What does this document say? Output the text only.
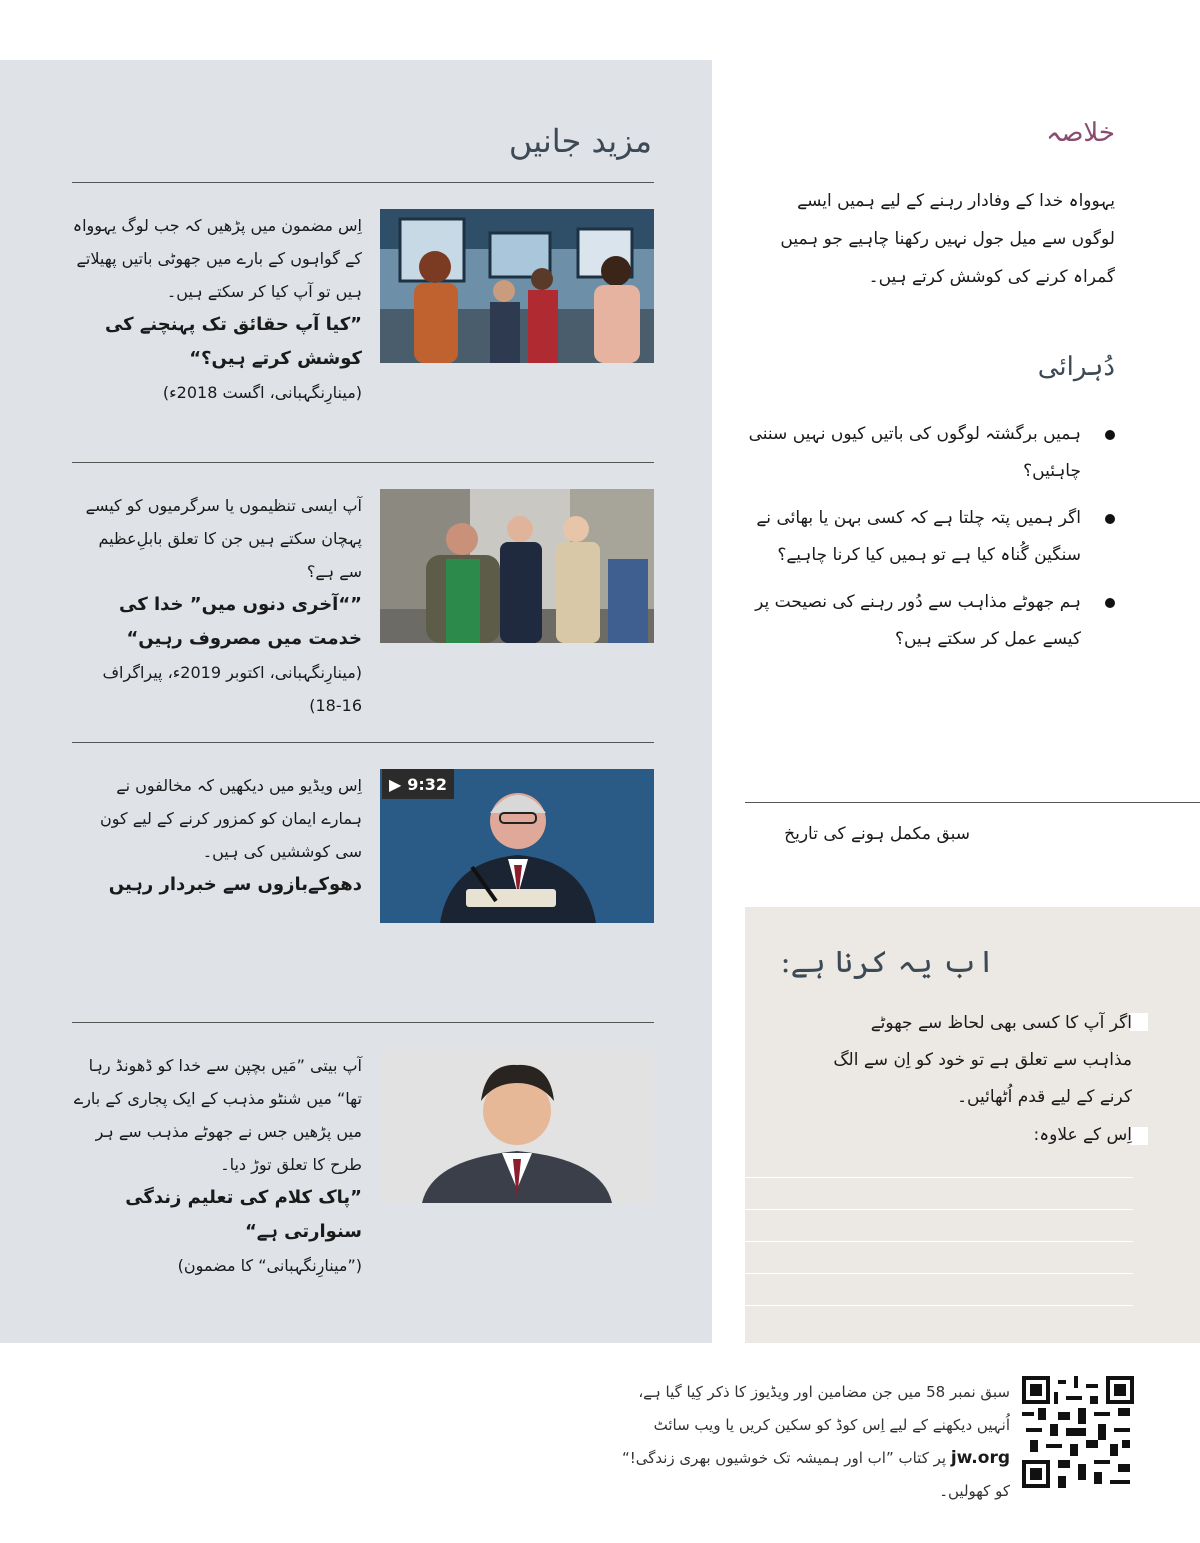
مزید جانیں

اِس مضمون میں پڑھیں کہ جب لوگ یہوواہ کے گواہوں کے بارے میں جھوٹی باتیں پھیلاتے ہیں تو آپ کیا کر سکتے ہیں۔

”کیا آپ حقائق تک پہنچنے کی کوشش کرتے ہیں؟“

(مینارِنگہبانی، اگست 2018ء)

آپ ایسی تنظیموں یا سرگرمیوں کو کیسے پہچان سکتے ہیں جن کا تعلق بابلِ‌عظیم سے ہے؟

”“آخری دنوں میں” خدا کی خدمت میں مصروف رہیں“

(مینارِنگہبانی، اکتوبر 2019ء، پیراگراف 16-18)

▶ 9:32

اِس ویڈیو میں دیکھیں کہ مخالفوں نے ہمارے ایمان کو کمزور کرنے کے لیے کون سی کوششیں کی ہیں۔

دھوکےبازوں سے خبردار رہیں

آپ بیتی ”مَیں بچپن سے خدا کو ڈھونڈ رہا تھا“ میں شنٹو مذہب کے ایک پجاری کے بارے میں پڑھیں جس نے جھوٹے مذہب سے ہر طرح کا تعلق توڑ دیا۔

”پاک کلام کی تعلیم زندگی سنوارتی ہے“

(”مینارِنگہبانی“ کا مضمون)

خلاصہ

یہوواہ خدا کے وفادار رہنے کے لیے ہمیں ایسے لوگوں سے میل جول نہیں رکھنا چاہیے جو ہمیں گمراہ کرنے کی کوشش کرتے ہیں۔

دُہرائی
ہمیں برگشتہ لوگوں کی باتیں کیوں نہیں سننی چاہئیں؟
اگر ہمیں پتہ چلتا ہے کہ کسی بہن یا بھائی نے سنگین گُناہ کیا ہے تو ہمیں کیا کرنا چاہیے؟
ہم جھوٹے مذاہب سے دُور رہنے کی نصیحت پر کیسے عمل کر سکتے ہیں؟
سبق مکمل ہونے کی تاریخ
اب یہ کرنا ہے:
اگر آپ کا کسی بھی لحاظ سے جھوٹے مذاہب سے تعلق ہے تو خود کو اِن سے الگ کرنے کے لیے قدم اُٹھائیں۔
اِس کے علاوہ:

سبق نمبر 58 میں جن مضامین اور ویڈیوز کا ذکر کِیا گیا ہے، اُنہیں دیکھنے کے لیے اِس کوڈ کو سکین کریں یا ویب سائٹ jw.org پر کتاب ”اب اور ہمیشہ تک خوشیوں بھری زندگی!“ کو کھولیں۔
